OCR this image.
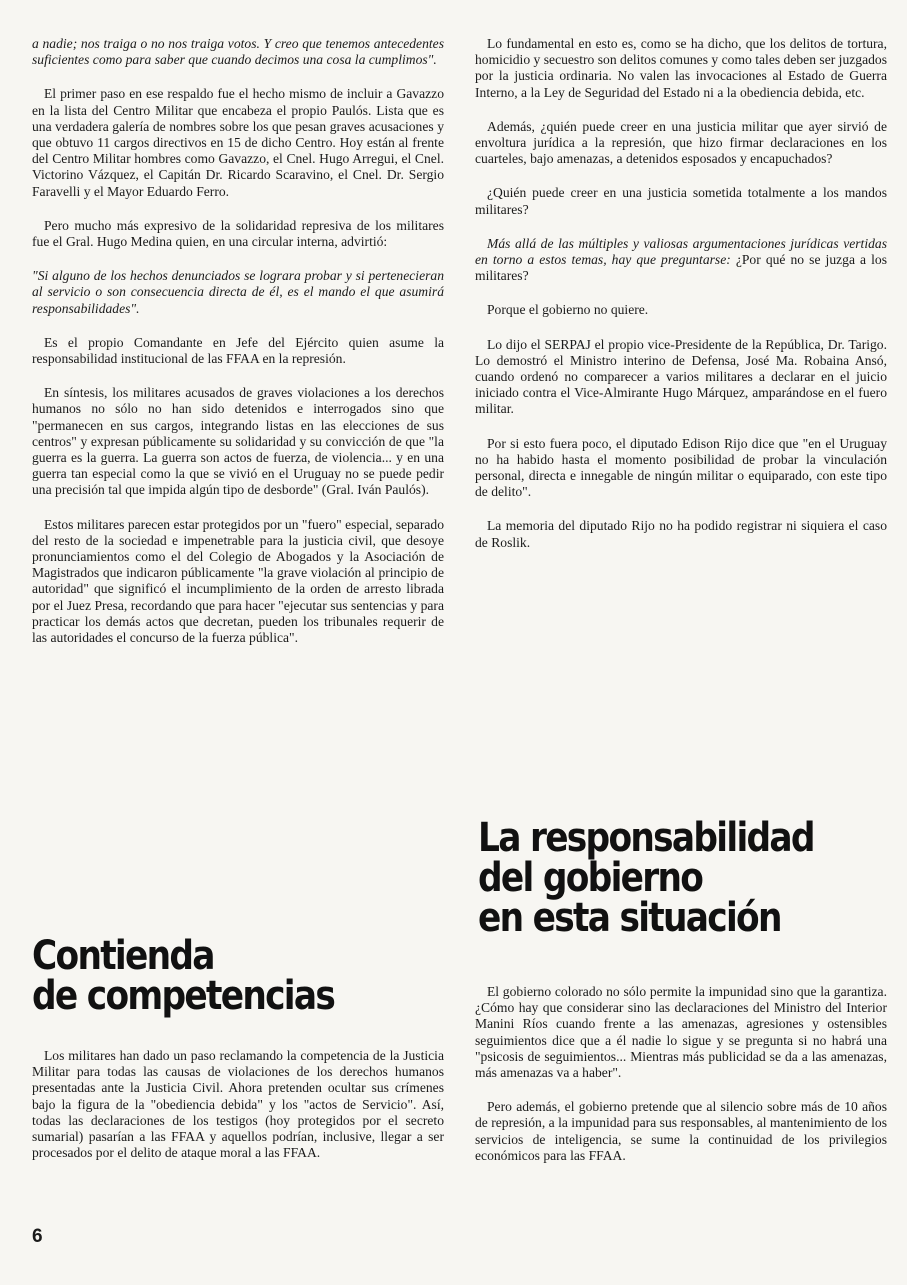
a nadie; nos traiga o no nos traiga votos. Y creo que tenemos antecedentes suficientes como para saber que cuando decimos una cosa la cumplimos".

El primer paso en ese respaldo fue el hecho mismo de incluir a Gavazzo en la lista del Centro Militar que encabeza el propio Paulós. Lista que es una verdadera galería de nombres sobre los que pesan graves acusaciones y que obtuvo 11 cargos directivos en 15 de dicho Centro. Hoy están al frente del Centro Militar hombres como Gavazzo, el Cnel. Hugo Arregui, el Cnel. Victorino Vázquez, el Capitán Dr. Ricardo Scaravino, el Cnel. Dr. Sergio Faravelli y el Mayor Eduardo Ferro.

Pero mucho más expresivo de la solidaridad represiva de los militares fue el Gral. Hugo Medina quien, en una circular interna, advirtió:

"Si alguno de los hechos denunciados se lograra probar y si pertenecieran al servicio o son consecuencia directa de él, es el mando el que asumirá responsabilidades".

Es el propio Comandante en Jefe del Ejército quien asume la responsabilidad institucional de las FFAA en la represión.

En síntesis, los militares acusados de graves violaciones a los derechos humanos no sólo no han sido detenidos e interrogados sino que "permanecen en sus cargos, integrando listas en las elecciones de sus centros" y expresan públicamente su solidaridad y su convicción de que "la guerra es la guerra. La guerra son actos de fuerza, de violencia... y en una guerra tan especial como la que se vivió en el Uruguay no se puede pedir una precisión tal que impida algún tipo de desborde" (Gral. Iván Paulós).

Estos militares parecen estar protegidos por un "fuero" especial, separado del resto de la sociedad e impenetrable para la justicia civil, que desoye pronunciamientos como el del Colegio de Abogados y la Asociación de Magistrados que indicaron públicamente "la grave violación al principio de autoridad" que significó el incumplimiento de la orden de arresto librada por el Juez Presa, recordando que para hacer "ejecutar sus sentencias y para practicar los demás actos que decretan, pueden los tribunales requerir de las autoridades el concurso de la fuerza pública".

Contienda
de competencias

Los militares han dado un paso reclamando la competencia de la Justicia Militar para todas las causas de violaciones de los derechos humanos presentadas ante la Justicia Civil. Ahora pretenden ocultar sus crímenes bajo la figura de la "obediencia debida" y los "actos de Servicio". Así, todas las declaraciones de los testigos (hoy protegidos por el secreto sumarial) pasarían a las FFAA y aquellos podrían, inclusive, llegar a ser procesados por el delito de ataque moral a las FFAA.

Lo fundamental en esto es, como se ha dicho, que los delitos de tortura, homicidio y secuestro son delitos comunes y como tales deben ser juzgados por la justicia ordinaria. No valen las invocaciones al Estado de Guerra Interno, a la Ley de Seguridad del Estado ni a la obediencia debida, etc.

Además, ¿quién puede creer en una justicia militar que ayer sirvió de envoltura jurídica a la represión, que hizo firmar declaraciones en los cuarteles, bajo amenazas, a detenidos esposados y encapuchados?

¿Quién puede creer en una justicia sometida totalmente a los mandos militares?

Más allá de las múltiples y valiosas argumentaciones jurídicas vertidas en torno a estos temas, hay que preguntarse: ¿Por qué no se juzga a los militares?

Porque el gobierno no quiere.

Lo dijo el SERPAJ el propio vice-Presidente de la República, Dr. Tarigo. Lo demostró el Ministro interino de Defensa, José Ma. Robaina Ansó, cuando ordenó no comparecer a varios militares a declarar en el juicio iniciado contra el Vice-Almirante Hugo Márquez, amparándose en el fuero militar.

Por si esto fuera poco, el diputado Edison Rijo dice que "en el Uruguay no ha habido hasta el momento posibilidad de probar la vinculación personal, directa e innegable de ningún militar o equiparado, con este tipo de delito".

La memoria del diputado Rijo no ha podido registrar ni siquiera el caso de Roslik.

La responsabilidad
del gobierno
en esta situación

El gobierno colorado no sólo permite la impunidad sino que la garantiza. ¿Cómo hay que considerar sino las declaraciones del Ministro del Interior Manini Ríos cuando frente a las amenazas, agresiones y ostensibles seguimientos dice que a él nadie lo sigue y se pregunta si no habrá una "psicosis de seguimientos... Mientras más publicidad se da a las amenazas, más amenazas va a haber".

Pero además, el gobierno pretende que al silencio sobre más de 10 años de represión, a la impunidad para sus responsables, al mantenimiento de los servicios de inteligencia, se sume la continuidad de los privilegios económicos para las FFAA.

6
